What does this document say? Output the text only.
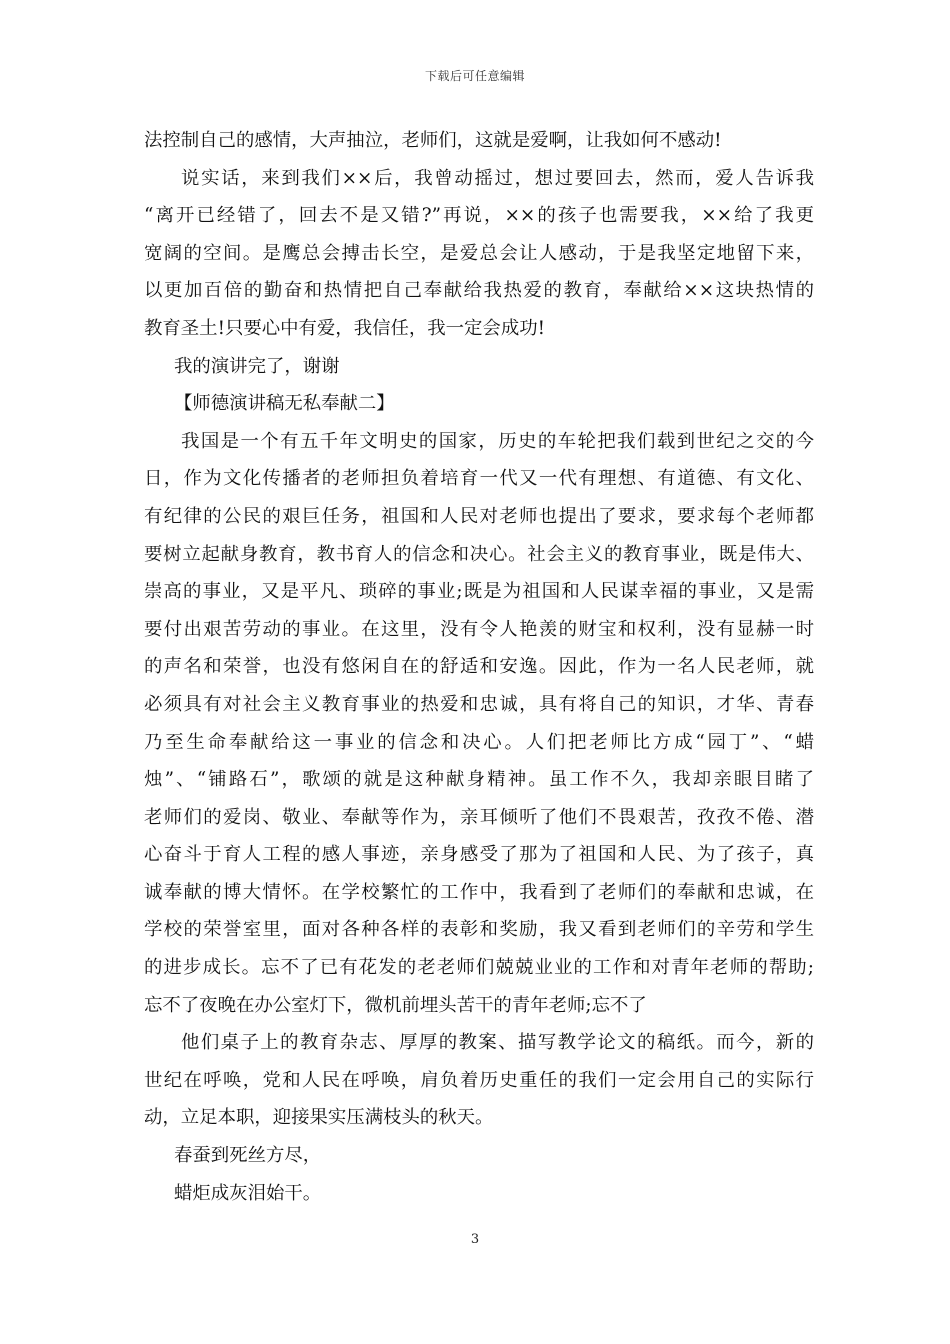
下载后可任意编辑
法控制自己的感情，大声抽泣，老师们，这就是爱啊，让我如何不感动!
说实话，来到我们××后，我曾动摇过，想过要回去，然而，爱人告诉我
“离开已经错了，回去不是又错?”再说，××的孩子也需要我，××给了我更
宽阔的空间。是鹰总会搏击长空，是爱总会让人感动，于是我坚定地留下来，
以更加百倍的勤奋和热情把自己奉献给我热爱的教育，奉献给××这块热情的
教育圣土!只要心中有爱，我信任，我一定会成功!
我的演讲完了，谢谢
【师德演讲稿无私奉献二】
我国是一个有五千年文明史的国家，历史的车轮把我们载到世纪之交的今
日，作为文化传播者的老师担负着培育一代又一代有理想、有道德、有文化、
有纪律的公民的艰巨任务，祖国和人民对老师也提出了要求，要求每个老师都
要树立起献身教育，教书育人的信念和决心。社会主义的教育事业，既是伟大、
崇高的事业，又是平凡、琐碎的事业;既是为祖国和人民谋幸福的事业，又是需
要付出艰苦劳动的事业。在这里，没有令人艳羡的财宝和权利，没有显赫一时
的声名和荣誉，也没有悠闲自在的舒适和安逸。因此，作为一名人民老师，就
必须具有对社会主义教育事业的热爱和忠诚，具有将自己的知识，才华、青春
乃至生命奉献给这一事业的信念和决心。人们把老师比方成“园丁”、“蜡
烛”、“铺路石”，歌颂的就是这种献身精神。虽工作不久，我却亲眼目睹了
老师们的爱岗、敬业、奉献等作为，亲耳倾听了他们不畏艰苦，孜孜不倦、潜
心奋斗于育人工程的感人事迹，亲身感受了那为了祖国和人民、为了孩子，真
诚奉献的博大情怀。在学校繁忙的工作中，我看到了老师们的奉献和忠诚，在
学校的荣誉室里，面对各种各样的表彰和奖励，我又看到老师们的辛劳和学生
的进步成长。忘不了已有花发的老老师们兢兢业业的工作和对青年老师的帮助;
忘不了夜晚在办公室灯下，微机前埋头苦干的青年老师;忘不了
他们桌子上的教育杂志、厚厚的教案、描写教学论文的稿纸。而今，新的
世纪在呼唤，党和人民在呼唤，肩负着历史重任的我们一定会用自己的实际行
动，立足本职，迎接果实压满枝头的秋天。
春蚕到死丝方尽，
蜡炬成灰泪始干。
3
